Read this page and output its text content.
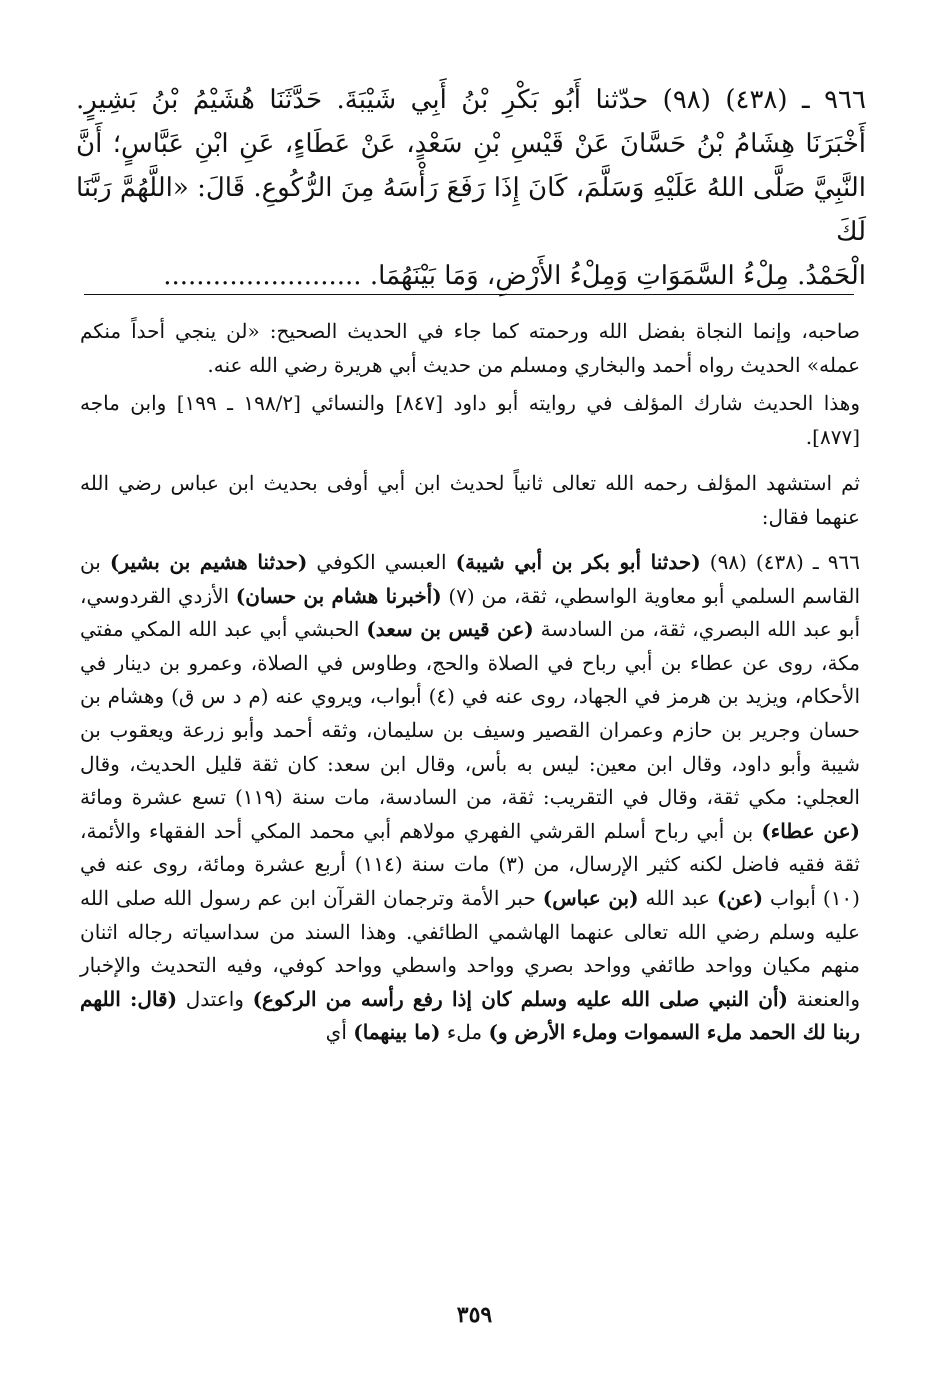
٩٦٦ ـ (٤٣٨) (٩٨) حدّثنا أَبُو بَكْرِ بْنُ أَبِي شَيْبَةَ. حَدَّثَنَا هُشَيْمُ بْنُ بَشِيرٍ.

أَخْبَرَنَا هِشَامُ بْنُ حَسَّانَ عَنْ قَيْسِ بْنِ سَعْدٍ، عَنْ عَطَاءٍ، عَنِ ابْنِ عَبَّاسٍ؛ أَنَّ

النَّبِيَّ صَلَّى اللهُ عَلَيْهِ وَسَلَّمَ، كَانَ إِذَا رَفَعَ رَأْسَهُ مِنَ الرُّكُوعِ. قَالَ: «اللَّهُمَّ رَبَّنَا لَكَ

الْحَمْدُ. مِلْءُ السَّمَوَاتِ وَمِلْءُ الأَرْضِ، وَمَا بَيْنَهُمَا. ........................

صاحبه، وإنما النجاة بفضل الله ورحمته كما جاء في الحديث الصحيح: «لن ينجي أحداً منكم عمله» الحديث رواه أحمد والبخاري ومسلم من حديث أبي هريرة رضي الله عنه.

وهذا الحديث شارك المؤلف في روايته أبو داود [٨٤٧] والنسائي [١٩٨/٢ ـ ١٩٩] وابن ماجه [٨٧٧].

ثم استشهد المؤلف رحمه الله تعالى ثانياً لحديث ابن أبي أوفى بحديث ابن عباس رضي الله عنهما فقال:

٩٦٦ ـ (٤٣٨) (٩٨) (حدثنا أبو بكر بن أبي شيبة) العبسي الكوفي (حدثنا هشيم بن بشير) بن القاسم السلمي أبو معاوية الواسطي، ثقة، من (٧) (أخبرنا هشام بن حسان) الأزدي القردوسي، أبو عبد الله البصري، ثقة، من السادسة (عن قيس بن سعد) الحبشي أبي عبد الله المكي مفتي مكة، روى عن عطاء بن أبي رباح في الصلاة والحج، وطاوس في الصلاة، وعمرو بن دينار في الأحكام، ويزيد بن هرمز في الجهاد، روى عنه في (٤) أبواب، ويروي عنه (م د س ق) وهشام بن حسان وجرير بن حازم وعمران القصير وسيف بن سليمان، وثقه أحمد وأبو زرعة ويعقوب بن شيبة وأبو داود، وقال ابن معين: ليس به بأس، وقال ابن سعد: كان ثقة قليل الحديث، وقال العجلي: مكي ثقة، وقال في التقريب: ثقة، من السادسة، مات سنة (١١٩) تسع عشرة ومائة (عن عطاء) بن أبي رباح أسلم القرشي الفهري مولاهم أبي محمد المكي أحد الفقهاء والأئمة، ثقة فقيه فاضل لكنه كثير الإرسال، من (٣) مات سنة (١١٤) أربع عشرة ومائة، روى عنه في (١٠) أبواب (عن) عبد الله (بن عباس) حبر الأمة وترجمان القرآن ابن عم رسول الله صلى الله عليه وسلم رضي الله تعالى عنهما الهاشمي الطائفي. وهذا السند من سداسياته رجاله اثنان منهم مكيان وواحد طائفي وواحد بصري وواحد واسطي وواحد كوفي، وفيه التحديث والإخبار والعنعنة (أن النبي صلى الله عليه وسلم كان إذا رفع رأسه من الركوع) واعتدل (قال: اللهم ربنا لك الحمد ملء السموات وملء الأرض و) ملء (ما بينهما) أي

٣٥٩
